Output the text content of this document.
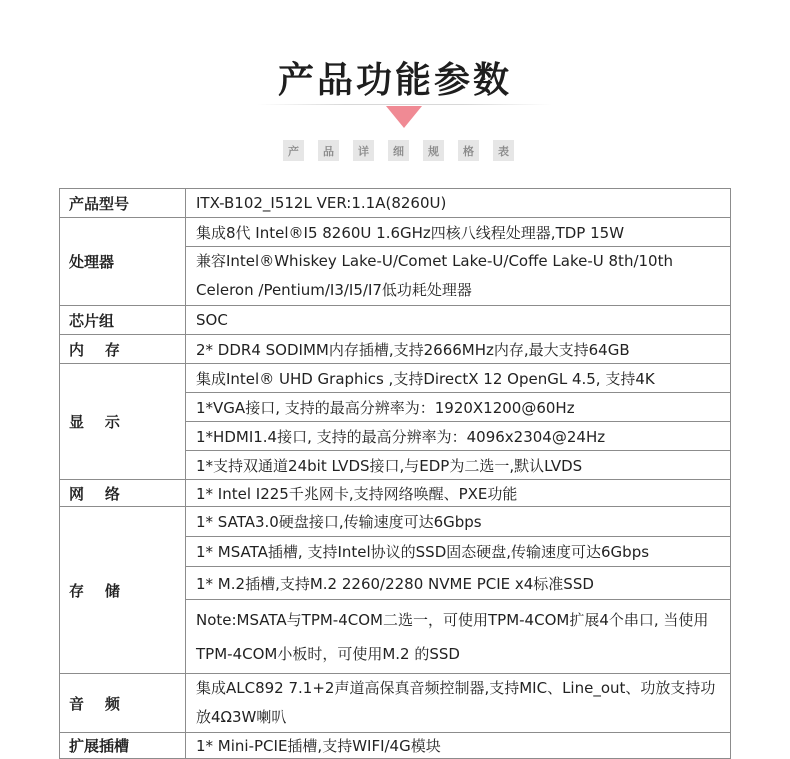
产品功能参数
产	品	详	细	规	格	表
产品型号	ITX-B102_I512L VER:1.1A(8260U)
处理器	集成8代 Intel®I5 8260U 1.6GHz四核八线程处理器,TDP 15W
	兼容Intel®Whiskey Lake-U/Comet Lake-U/Coffe Lake-U 8th/10th Celeron /Pentium/I3/I5/I7低功耗处理器
芯片组	SOC
内    存	2* DDR4 SODIMM内存插槽,支持2666MHz内存,最大支持64GB
显    示	集成Intel® UHD Graphics ,支持DirectX 12 OpenGL 4.5, 支持4K
	1*VGA接口, 支持的最高分辨率为：1920X1200@60Hz
	1*HDMI1.4接口, 支持的最高分辨率为：4096x2304@24Hz
	1*支持双通道24bit LVDS接口,与EDP为二选一,默认LVDS
网    络	1* Intel I225千兆网卡,支持网络唤醒、PXE功能
存    储	1* SATA3.0硬盘接口,传输速度可达6Gbps
	1* MSATA插槽, 支持Intel协议的SSD固态硬盘,传输速度可达6Gbps
	1* M.2插槽,支持M.2 2260/2280 NVME PCIE x4标准SSD
	Note:MSATA与TPM-4COM二选一，可使用TPM-4COM扩展4个串口, 当使用TPM-4COM小板时，可使用M.2 的SSD
音    频	集成ALC892 7.1+2声道高保真音频控制器,支持MIC、Line_out、功放支持功放4Ω3W喇叭
扩展插槽	1* Mini-PCIE插槽,支持WIFI/4G模块
